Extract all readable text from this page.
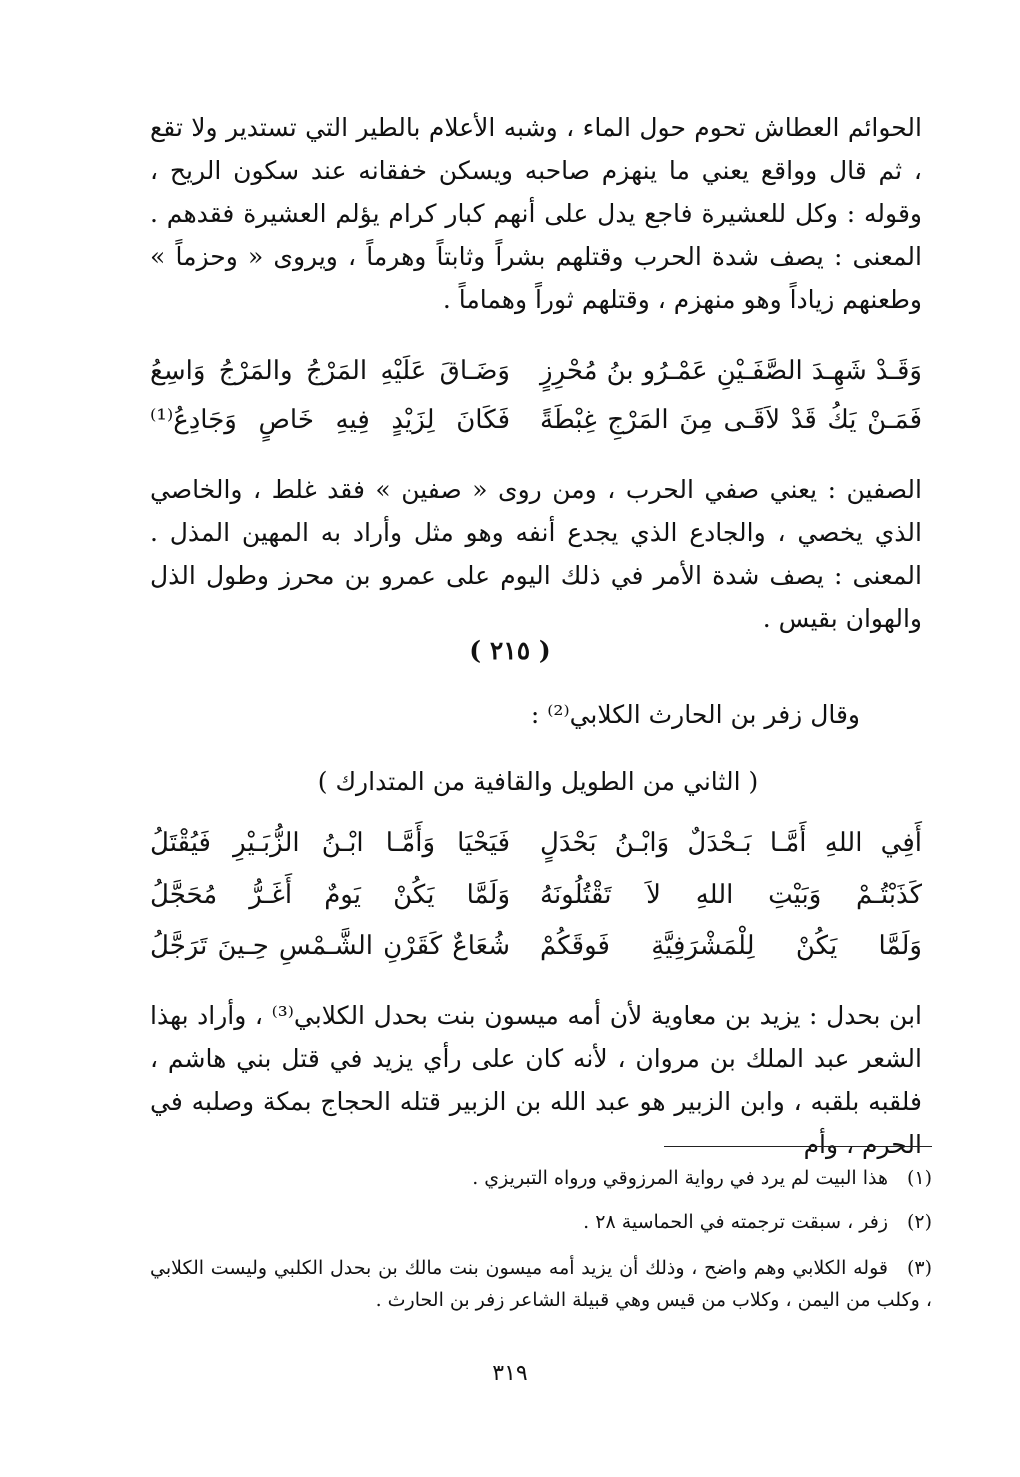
الحوائم العطاش تحوم حول الماء ، وشبه الأعلام بالطير التي تستدير ولا تقع ، ثم قال وواقع يعني ما ينهزم صاحبه ويسكن خفقانه عند سكون الريح ، وقوله : وكل للعشيرة فاجع يدل على أنهم كبار كرام يؤلم العشيرة فقدهم . المعنى : يصف شدة الحرب وقتلهم بشراً وثابتاً وهرماً ، ويروى « وحزماً » وطعنهم زياداً وهو منهزم ، وقتلهم ثوراً وهماماً .

وَقَـدْ شَهِـدَ الصَّفَـيْنِ عَمْـرُو بنُ مُحْرِزٍ
وَضَـاقَ عَلَيْهِ المَرْجُ والمَرْجُ وَاسِعُ
فَمَـنْ يَكُ قَدْ لاَقَـى مِنَ المَرْجِ غِبْطَةً
فَكَانَ لِزَيْدٍ فِيهِ خَاصٍ وَجَادِعُ⁽¹⁾

الصفين : يعني صفي الحرب ، ومن روى « صفين » فقد غلط ، والخاصي الذي يخصي ، والجادع الذي يجدع أنفه وهو مثل وأراد به المهين المذل . المعنى : يصف شدة الأمر في ذلك اليوم على عمرو بن محرز وطول الذل والهوان بقيس .

( ٢١٥ )
وقال زفر بن الحارث الكلابي⁽²⁾ :
( الثاني من الطويل والقافية من المتدارك )
أَفِي اللهِ أَمَّـا بَـحْدَلٌ وَابْـنُ بَحْدَلٍ
فَيَحْيَا وَأَمَّـا ابْـنُ الزُّبَـيْرِ فَيُقْتَلُ
كَذَبْتُـمْ وَبَيْتِ اللهِ لاَ تَقْتُلُونَهُ
وَلَمَّا يَكُنْ يَومٌ أَغَـرُّ مُحَجَّلُ
وَلَمَّا يَكُنْ لِلْمَشْرَفِيَّةِ فَوقَكُمْ
شُعَاعٌ كَقَرْنِ الشَّـمْسِ حِـينَ تَرَجَّلُ

ابن بحدل : يزيد بن معاوية لأن أمه ميسون بنت بحدل الكلابي⁽³⁾ ، وأراد بهذا الشعر عبد الملك بن مروان ، لأنه كان على رأي يزيد في قتل بني هاشم ، فلقبه بلقبه ، وابن الزبير هو عبد الله بن الزبير قتله الحجاج بمكة وصلبه في الحرم ، وأم

(١)هذا البيت لم يرد في رواية المرزوقي ورواه التبريزي .

(٢)زفر ، سبقت ترجمته في الحماسية ٢٨ .

(٣)قوله الكلابي وهم واضح ، وذلك أن يزيد أمه ميسون بنت مالك بن بحدل الكلبي وليست الكلابي ، وكلب من اليمن ، وكلاب من قيس وهي قبيلة الشاعر زفر بن الحارث .

٣١٩
